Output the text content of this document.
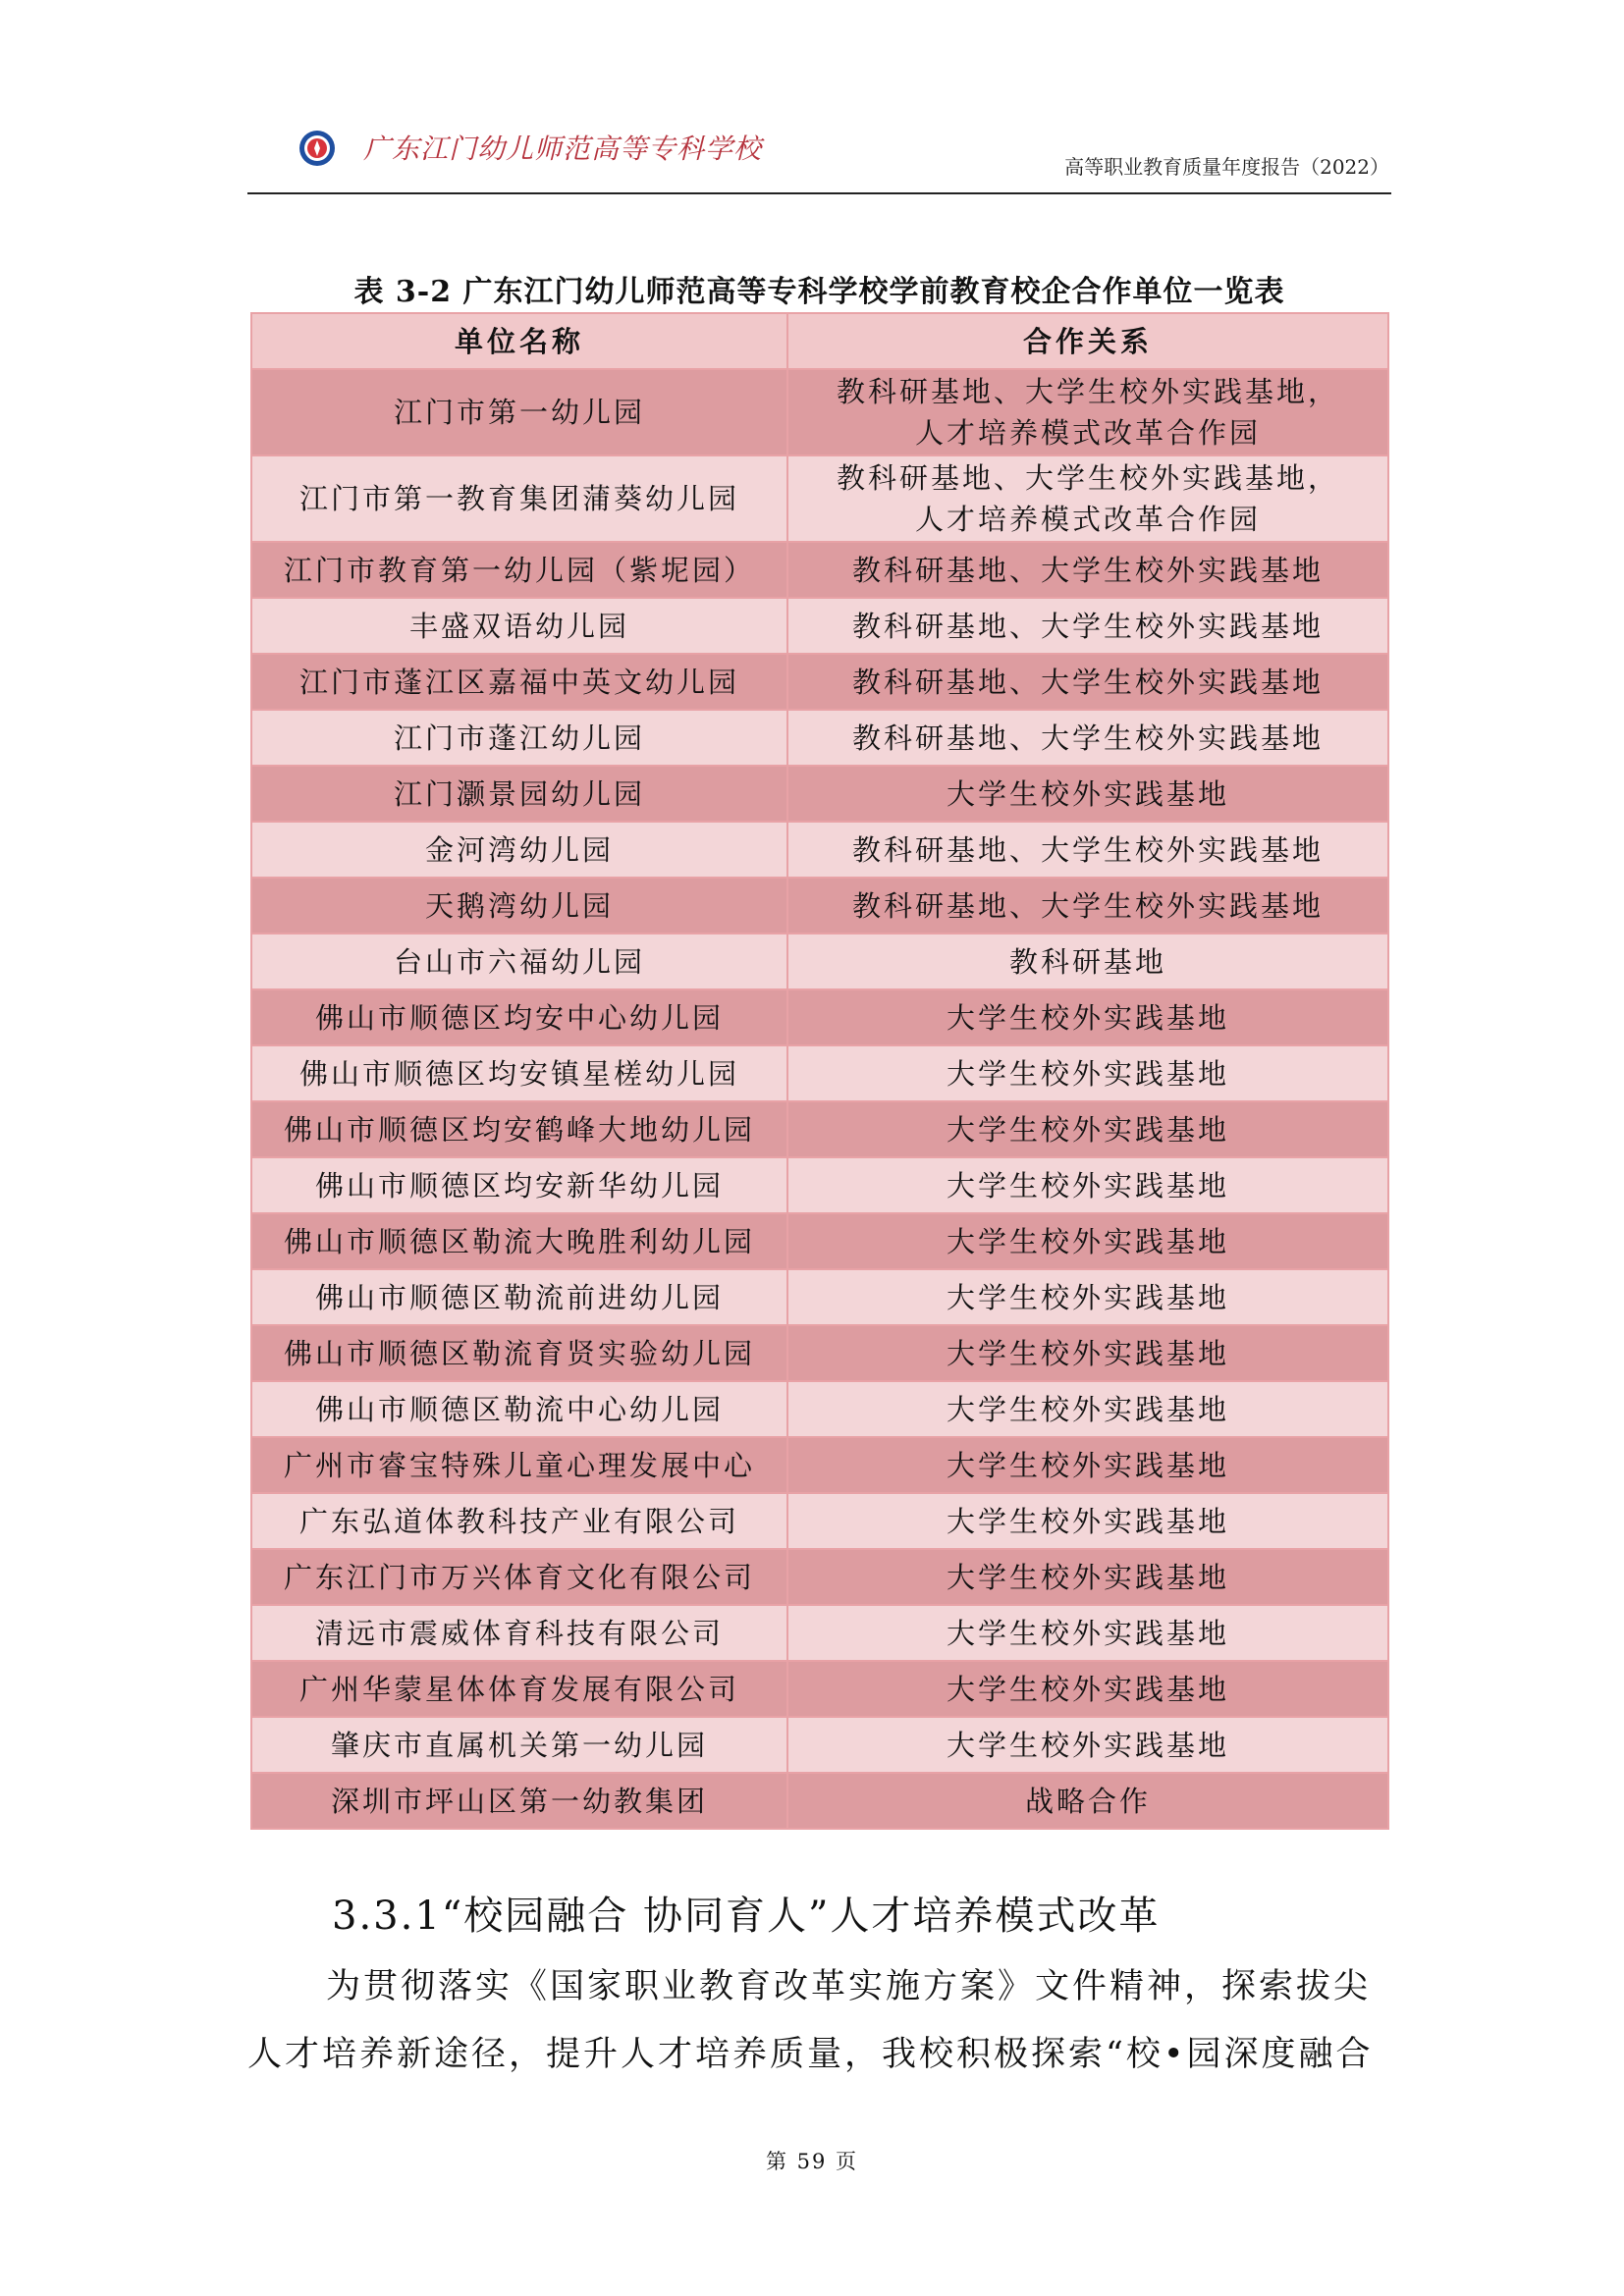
广东江门幼儿师范高等专科学校
高等职业教育质量年度报告（2022）
表 3-2 广东江门幼儿师范高等专科学校学前教育校企合作单位一览表
单位名称	合作关系
江门市第一幼儿园	教科研基地、大学生校外实践基地，
人才培养模式改革合作园

江门市第一教育集团蒲葵幼儿园	教科研基地、大学生校外实践基地，
人才培养模式改革合作园

江门市教育第一幼儿园（紫坭园）	教科研基地、大学生校外实践基地

丰盛双语幼儿园	教科研基地、大学生校外实践基地

江门市蓬江区嘉福中英文幼儿园	教科研基地、大学生校外实践基地

江门市蓬江幼儿园	教科研基地、大学生校外实践基地

江门灏景园幼儿园	大学生校外实践基地

金河湾幼儿园	教科研基地、大学生校外实践基地

天鹅湾幼儿园	教科研基地、大学生校外实践基地

台山市六福幼儿园	教科研基地

佛山市顺德区均安中心幼儿园	大学生校外实践基地

佛山市顺德区均安镇星槎幼儿园	大学生校外实践基地

佛山市顺德区均安鹤峰大地幼儿园	大学生校外实践基地

佛山市顺德区均安新华幼儿园	大学生校外实践基地

佛山市顺德区勒流大晚胜利幼儿园	大学生校外实践基地

佛山市顺德区勒流前进幼儿园	大学生校外实践基地

佛山市顺德区勒流育贤实验幼儿园	大学生校外实践基地

佛山市顺德区勒流中心幼儿园	大学生校外实践基地

广州市睿宝特殊儿童心理发展中心	大学生校外实践基地

广东弘道体教科技产业有限公司	大学生校外实践基地

广东江门市万兴体育文化有限公司	大学生校外实践基地

清远市震威体育科技有限公司	大学生校外实践基地

广州华蒙星体体育发展有限公司	大学生校外实践基地

肇庆市直属机关第一幼儿园	大学生校外实践基地

深圳市坪山区第一幼教集团	战略合作
3.3.1“校园融合 协同育人”人才培养模式改革
为贯彻落实《国家职业教育改革实施方案》文件精神，探索拔尖
人才培养新途径，提升人才培养质量，我校积极探索“校•园深度融合
第 59 页
